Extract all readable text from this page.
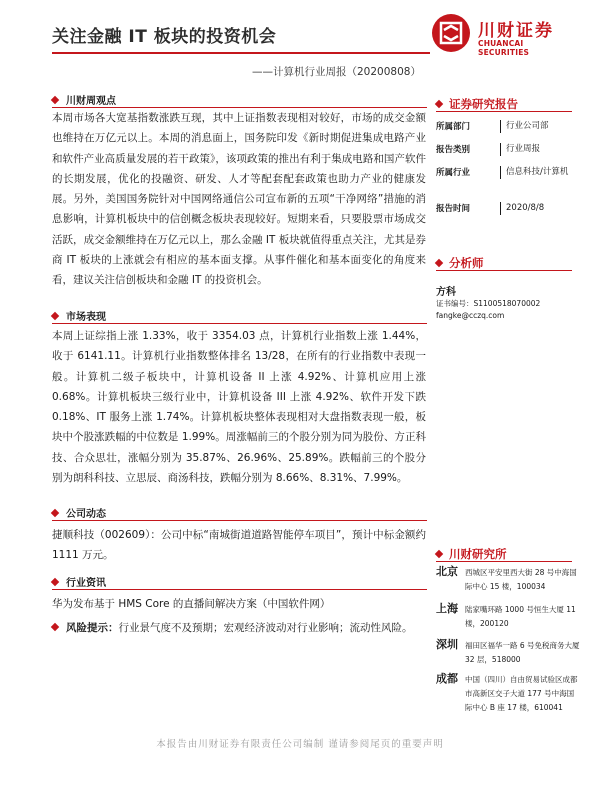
关注金融 IT 板块的投资机会	川财证券
CHUANCAI SECURITIES
——计算机行业周报（20200808）
川财周观点
本周市场各大宽基指数涨跌互现，其中上证指数表现相对较好，市场的成交金额也维持在万亿元以上。本周的消息面上，国务院印发《新时期促进集成电路产业和软件产业高质量发展的若干政策》，该项政策的推出有利于集成电路和国产软件的长期发展，优化的投融资、研发、人才等配套配套政策也助力产业的健康发展。另外，美国国务院针对中国网络通信公司宣布新的五项“干净网络”措施的消息影响，计算机板块中的信创概念板块表现较好。短期来看，只要股票市场成交活跃，成交金额维持在万亿元以上，那么金融 IT 板块就值得重点关注，尤其是券商 IT 板块的上涨就会有相应的基本面支撑。从事件催化和基本面变化的角度来看，建议关注信创板块和金融 IT 的投资机会。
市场表现
本周上证综指上涨 1.33%，收于 3354.03 点，计算机行业指数上涨 1.44%，收于 6141.11。计算机行业指数整体排名 13/28，在所有的行业指数中表现一般。计算机二级子板块中，计算机设备 II 上涨 4.92%、计算机应用上涨 0.68%。计算机板块三级行业中，计算机设备 III 上涨 4.92%、软件开发下跌 0.18%、IT 服务上涨 1.74%。计算机板块整体表现相对大盘指数表现一般，板块中个股涨跌幅的中位数是 1.99%。周涨幅前三的个股分别为同为股份、方正科技、合众思壮，涨幅分别为 35.87%、26.96%、25.89%。跌幅前三的个股分别为朗科科技、立思辰、商汤科技，跌幅分别为 8.66%、8.31%、7.99%。
公司动态
捷顺科技（002609）：公司中标“南城街道道路智能停车项目”，预计中标金额约 1111 万元。
行业资讯
华为发布基于 HMS Core 的直播间解决方案（中国软件网）
风险提示：行业景气度不及预期；宏观经济波动对行业影响；流动性风险。
证券研究报告
所属部门	行业公司部
报告类别	行业周报
所属行业	信息科技/计算机
报告时间	2020/8/8
分析师
方科
证书编号：S1100518070002
fangke@cczq.com
川财研究所
北京 西城区平安里西大街 28 号中海国际中心 15 楼，100034
上海 陆家嘴环路 1000 号恒生大厦 11 楼，200120
深圳 福田区福华一路 6 号免税商务大厦 32 层，518000
成都 中国（四川）自由贸易试验区成都市高新区交子大道 177 号中海国际中心 B 座 17 楼，610041
本报告由川财证券有限责任公司编制 谨请参阅尾页的重要声明
